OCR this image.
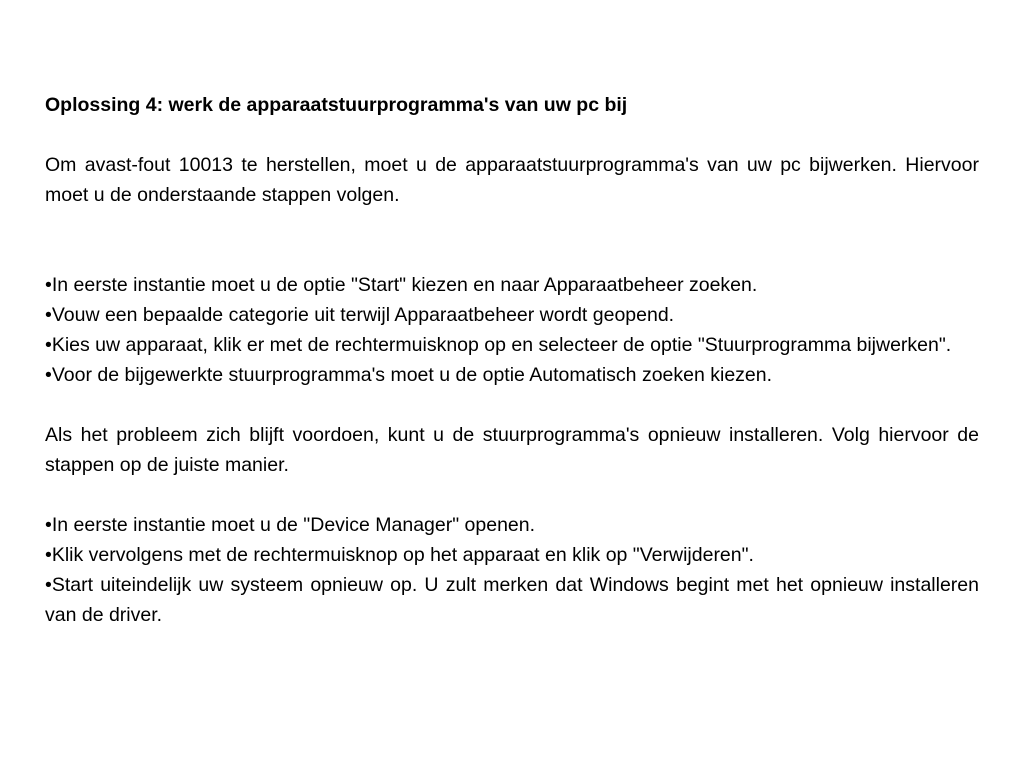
Oplossing 4: werk de apparaatstuurprogramma's van uw pc bij

Om avast-fout 10013 te herstellen, moet u de apparaatstuurprogramma's van uw pc bijwerken. Hiervoor moet u de onderstaande stappen volgen.

•In eerste instantie moet u de optie "Start" kiezen en naar Apparaatbeheer zoeken.
•Vouw een bepaalde categorie uit terwijl Apparaatbeheer wordt geopend.
•Kies uw apparaat, klik er met de rechtermuisknop op en selecteer de optie "Stuurprogramma bijwerken".
•Voor de bijgewerkte stuurprogramma's moet u de optie Automatisch zoeken kiezen.

Als het probleem zich blijft voordoen, kunt u de stuurprogramma's opnieuw installeren. Volg hiervoor de stappen op de juiste manier.

•In eerste instantie moet u de "Device Manager" openen.
•Klik vervolgens met de rechtermuisknop op het apparaat en klik op "Verwijderen".
•Start uiteindelijk uw systeem opnieuw op. U zult merken dat Windows begint met het opnieuw installeren van de driver.
